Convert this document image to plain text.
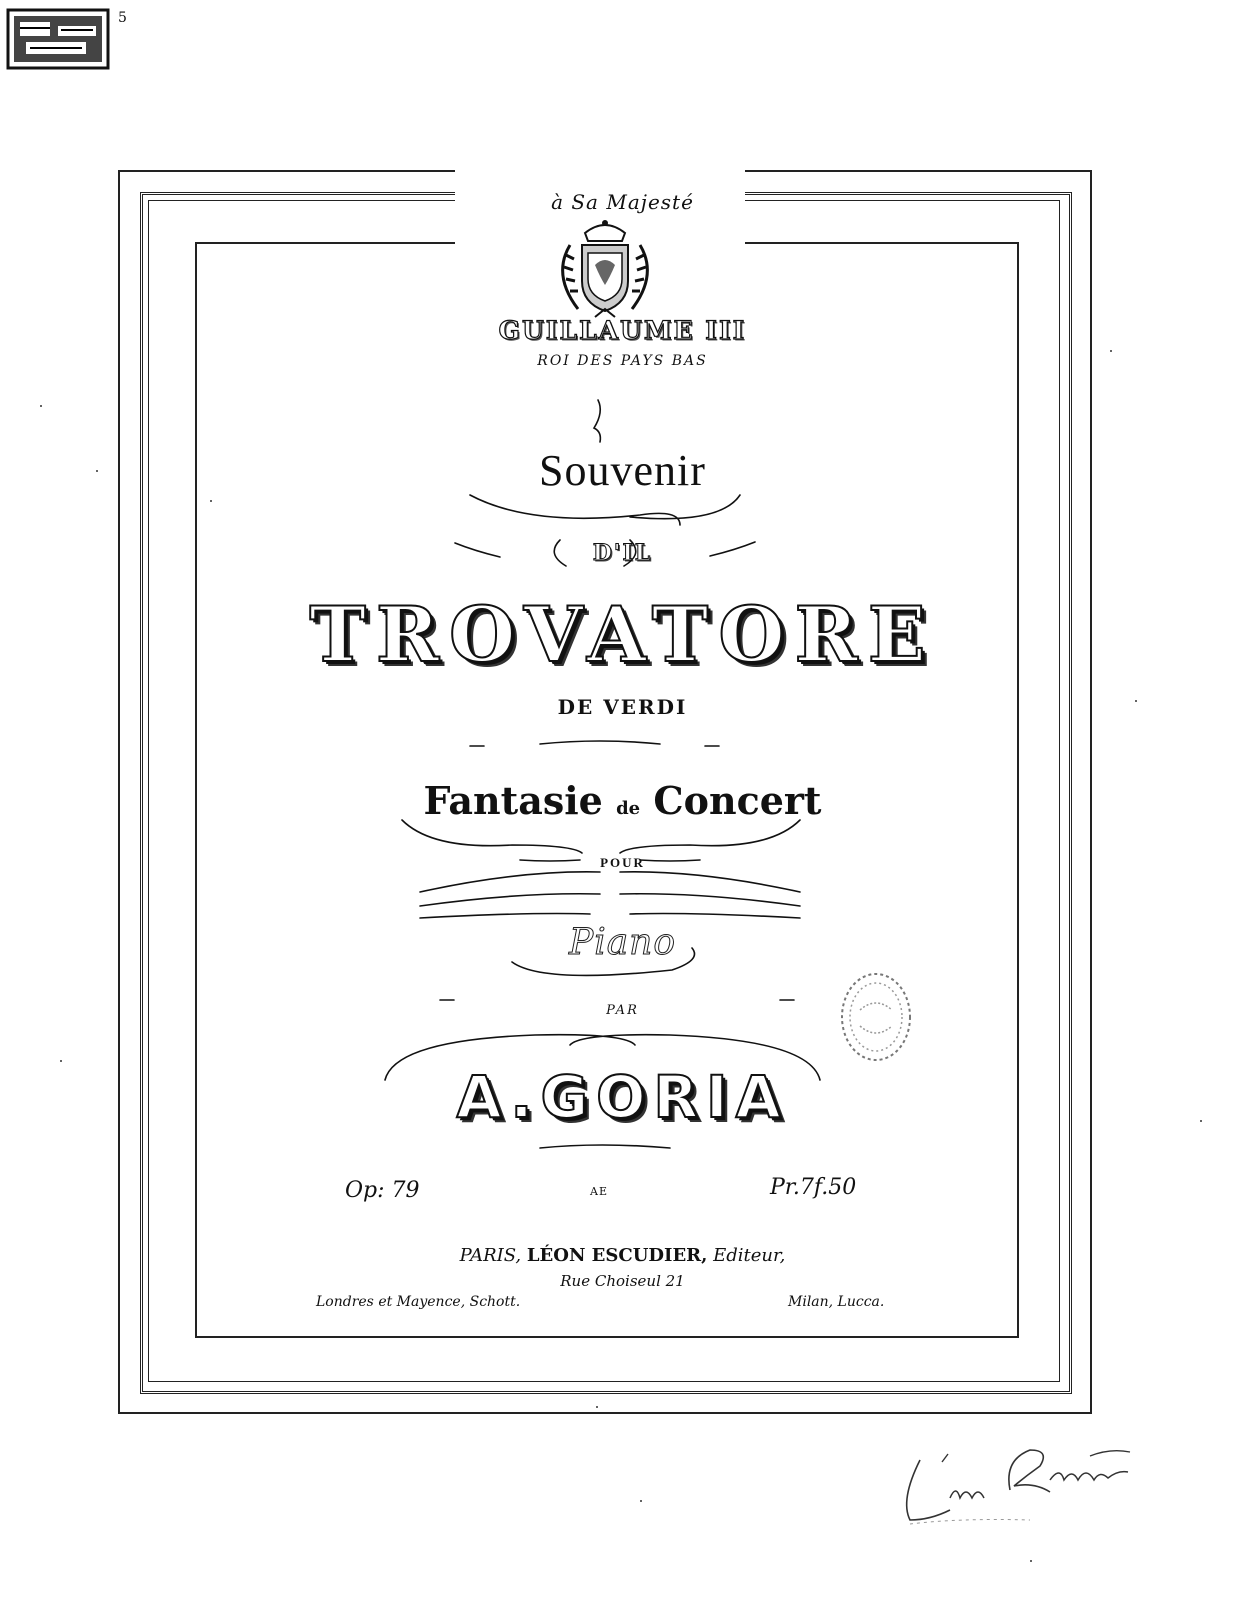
5
à Sa Majesté
GUILLAUME III
ROI DES PAYS BAS
Souvenir
D'IL
TROVATORE
DE VERDI
Fantasie de Concert
POUR
Piano
PAR
A.GORIA
Op: 79	AE	Pr.7f.50
PARIS, LÉON ESCUDIER, Editeur,
Rue Choiseul 21
Londres et Mayence, Schott.	Milan, Lucca.
